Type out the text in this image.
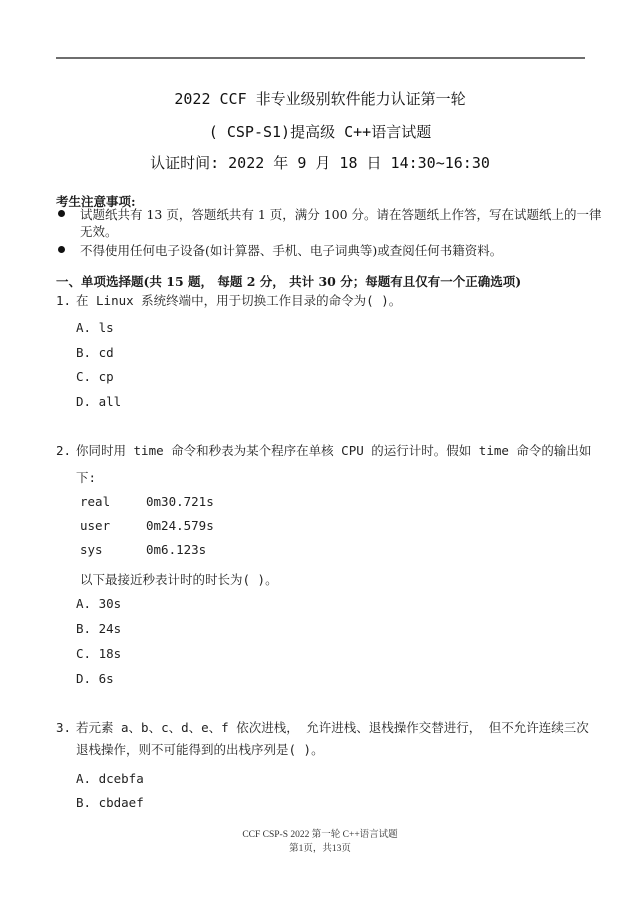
2022 CCF 非专业级别软件能力认证第一轮
( CSP-S1)提高级 C++语言试题
认证时间: 2022 年 9 月 18 日 14:30~16:30
考生注意事项:
试题纸共有 13 页，答题纸共有 1 页，满分 100 分。请在答题纸上作答，写在试题纸上的一律无效。
不得使用任何电子设备(如计算器、手机、电子词典等)或查阅任何书籍资料。
一、单项选择题(共 15 题， 每题 2 分， 共计 30 分；每题有且仅有一个正确选项)
1. 在 Linux 系统终端中，用于切换工作目录的命令为( )。
A. ls
B. cd
C. cp
D. all
2. 你同时用 time 命令和秒表为某个程序在单核 CPU 的运行计时。假如 time 命令的输出如
下:
real	0m30.721s
user	0m24.579s
sys	0m6.123s
以下最接近秒表计时的时长为( )。
A. 30s
B. 24s
C. 18s
D. 6s
3. 若元素 a、b、c、d、e、f 依次进栈， 允许进栈、退栈操作交替进行， 但不允许连续三次
退栈操作，则不可能得到的出栈序列是( )。
A. dcebfa
B. cbdaef
CCF CSP-S 2022 第一轮 C++语言试题
第1页，共13页
